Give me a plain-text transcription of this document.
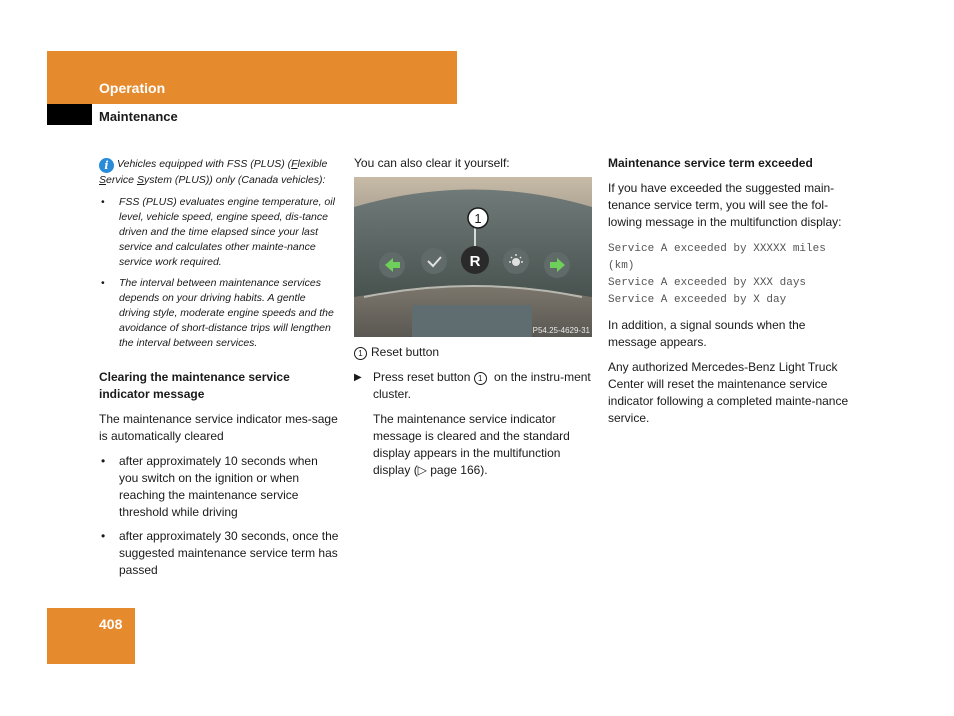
Operation
Maintenance
i Vehicles equipped with FSS (PLUS) (Flexible Service System (PLUS)) only (Canada vehicles):
• FSS (PLUS) evaluates engine temperature, oil level, vehicle speed, engine speed, dis-tance driven and the time elapsed since your last service and calculates other mainte-nance service work required.
• The interval between maintenance services depends on your driving habits. A gentle driving style, moderate engine speeds and the avoidance of short-distance trips will lengthen the interval between services.
Clearing the maintenance service indicator message

The maintenance service indicator mes-sage is automatically cleared

• after approximately 10 seconds when you switch on the ignition or when reaching the maintenance service threshold while driving
• after approximately 30 seconds, once the suggested maintenance service term has passed
You can also clear it yourself:
R
1
P54.25-4629-31
1 Reset button
▶ Press reset button 1 on the instru-ment cluster.
The maintenance service indicator message is cleared and the standard display appears in the multifunction display (▷ page 166).
Maintenance service term exceeded

If you have exceeded the suggested main-tenance service term, you will see the fol-lowing message in the multifunction display:

Service A exceeded by XXXXX miles (km)
Service A exceeded by XXX days
Service A exceeded by X day

In addition, a signal sounds when the message appears.

Any authorized Mercedes-Benz Light Truck Center will reset the maintenance service indicator following a completed mainte-nance service.

408
